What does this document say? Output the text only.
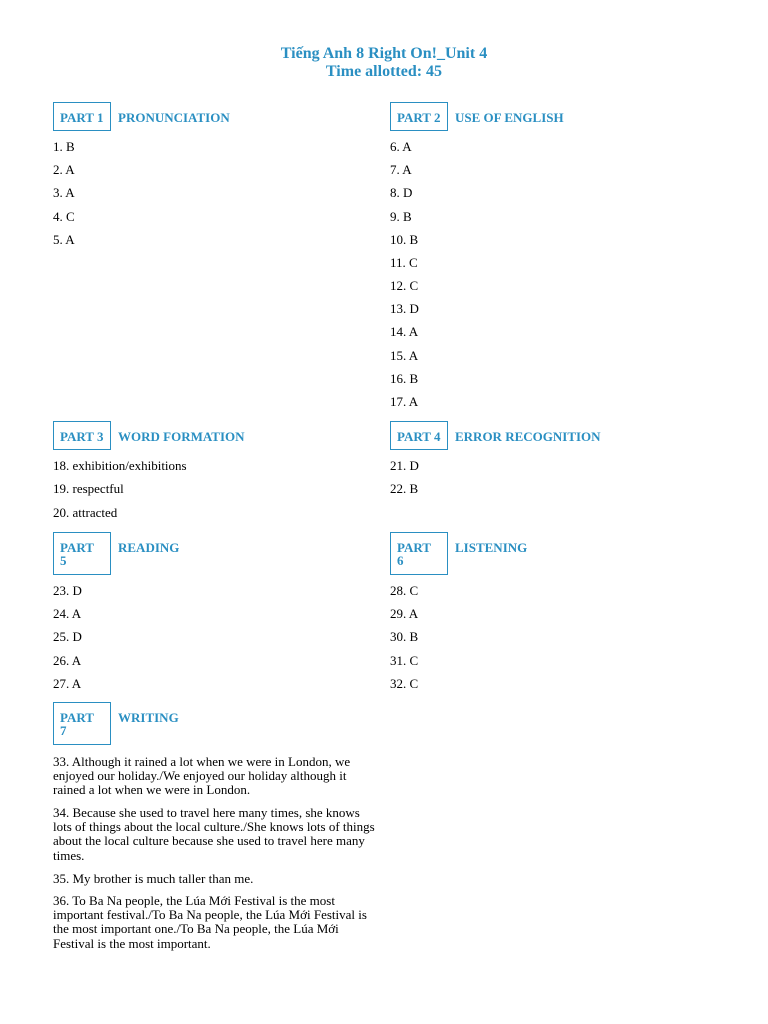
Tiếng Anh 8 Right On!_Unit 4
Time allotted: 45
PART 1	PRONUNCIATION
1. B
2. A
3. A
4. C
5. A
PART 2	USE OF ENGLISH
6. A
7. A
8. D
9. B
10. B
11. C
12. C
13. D
14. A
15. A
16. B
17. A
PART 3	WORD FORMATION
18. exhibition/exhibitions
19. respectful
20. attracted
PART 4	ERROR RECOGNITION
21. D
22. B
PART
5
READING
23. D
24. A
25. D
26. A
27. A
PART
6
LISTENING
28. C
29. A
30. B
31. C
32. C
PART
7
WRITING
33. Although it rained a lot when we were in London, we enjoyed our holiday./We enjoyed our holiday although it rained a lot when we were in London.
34. Because she used to travel here many times, she knows lots of things about the local culture./She knows lots of things about the local culture because she used to travel here many times.
35. My brother is much taller than me.
36. To Ba Na people, the Lúa Mới Festival is the most important festival./To Ba Na people, the Lúa Mới Festival is the most important one./To Ba Na people, the Lúa Mới Festival is the most important.
